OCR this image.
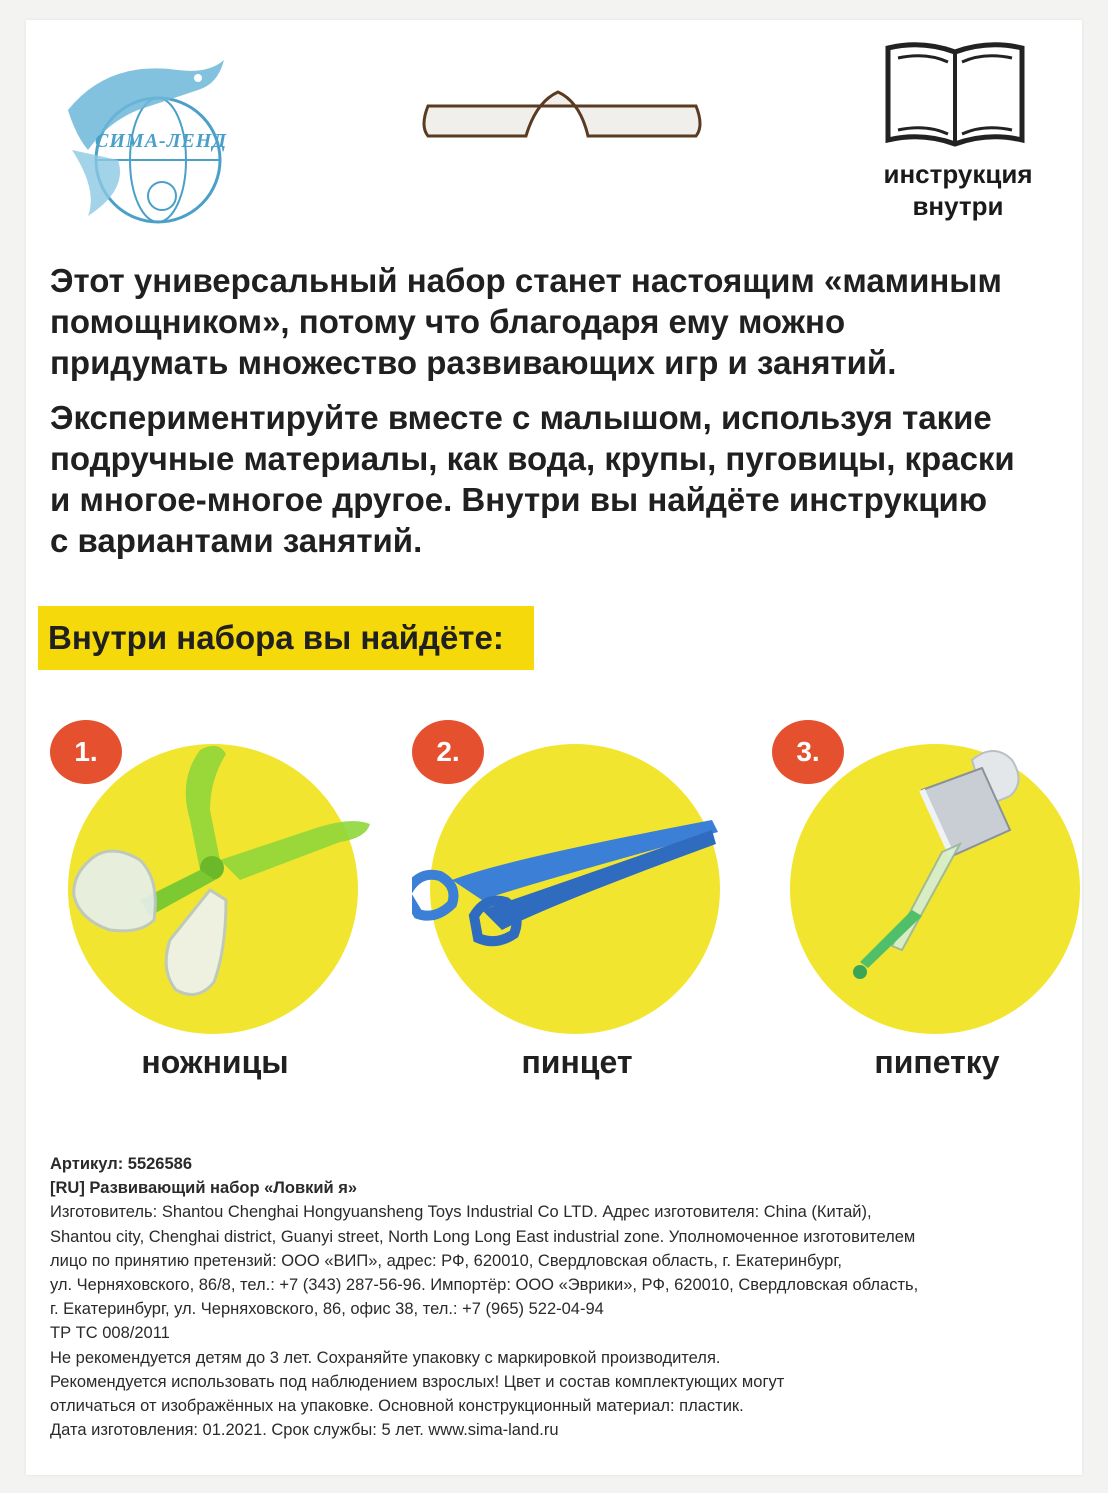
СИМА-ЛЕНД
инструкция
внутри

Этот универсальный набор станет настоящим «маминым
помощником», потому что благодаря ему можно
придумать множество развивающих игр и занятий.

Экспериментируйте вместе с малышом, используя такие
подручные материалы, как вода, крупы, пуговицы, краски
и многое-многое другое. Внутри вы найдёте инструкцию
с вариантами занятий.

Внутри набора вы найдёте:
1.
ножницы
2.
пинцет
3.
пипетку
Артикул: 5526586
[RU] Развивающий набор «Ловкий я»
Изготовитель: Shantou Chenghai Hongyuansheng Toys Industrial Co LTD. Адрес изготовителя: China (Китай),
Shantou city, Chenghai district, Guanyi street, North Long Long East industrial zone. Уполномоченное изготовителем
лицо по принятию претензий: ООО «ВИП», адрес: РФ, 620010, Свердловская область, г. Екатеринбург,
ул. Черняховского, 86/8, тел.: +7 (343) 287-56-96. Импортёр: ООО «Эврики», РФ, 620010, Свердловская область,
г. Екатеринбург, ул. Черняховского, 86, офис 38, тел.: +7 (965) 522-04-94
ТР ТС 008/2011
Не рекомендуется детям до 3 лет. Сохраняйте упаковку с маркировкой производителя.
Рекомендуется использовать под наблюдением взрослых! Цвет и состав комплектующих могут
отличаться от изображённых на упаковке. Основной конструкционный материал: пластик.
Дата изготовления: 01.2021. Срок службы: 5 лет. www.sima-land.ru
